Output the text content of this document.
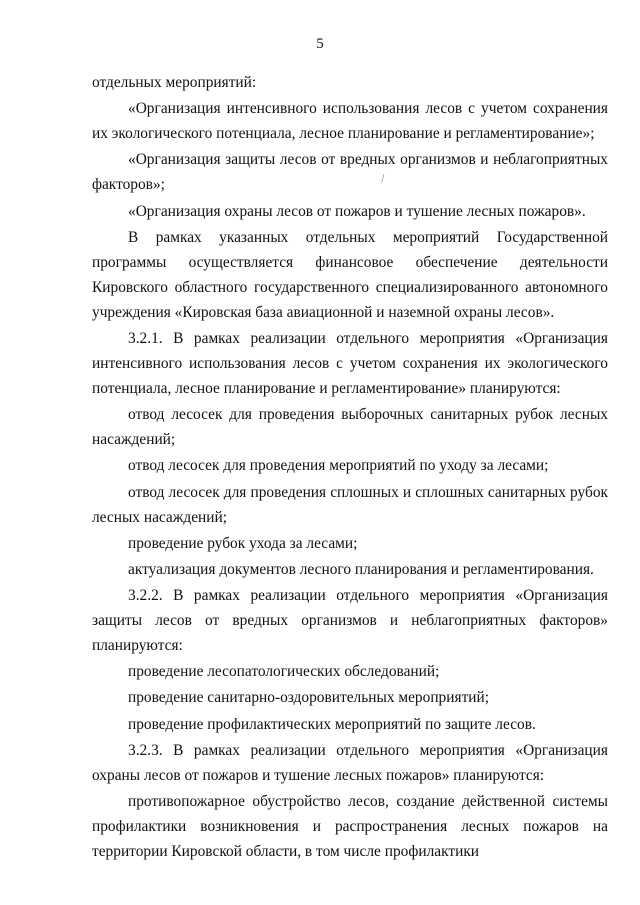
5
⁄

отдельных мероприятий:

«Организация интенсивного использования лесов с учетом сохранения их экологического потенциала, лесное планирование и регламентирование»;

«Организация защиты лесов от вредных организмов и неблагоприятных факторов»;

«Организация охраны лесов от пожаров и тушение лесных пожаров».

В рамках указанных отдельных мероприятий Государственной программы осуществляется финансовое обеспечение деятельности Кировского областного государственного специализированного автономного учреждения «Кировская база авиационной и наземной охраны лесов».

3.2.1. В рамках реализации отдельного мероприятия «Организация интенсивного использования лесов с учетом сохранения их экологического потенциала, лесное планирование и регламентирование» планируются:

отвод лесосек для проведения выборочных санитарных рубок лесных насаждений;

отвод лесосек для проведения мероприятий по уходу за лесами;

отвод лесосек для проведения сплошных и сплошных санитарных рубок лесных насаждений;

проведение рубок ухода за лесами;

актуализация документов лесного планирования и регламентирования.

3.2.2. В рамках реализации отдельного мероприятия «Организация защиты лесов от вредных организмов и неблагоприятных факторов» планируются:

проведение лесопатологических обследований;

проведение санитарно-оздоровительных мероприятий;

проведение профилактических мероприятий по защите лесов.

3.2.3. В рамках реализации отдельного мероприятия «Организация охраны лесов от пожаров и тушение лесных пожаров» планируются:

противопожарное обустройство лесов, создание действенной системы профилактики возникновения и распространения лесных пожаров на территории Кировской области, в том числе профилактики
